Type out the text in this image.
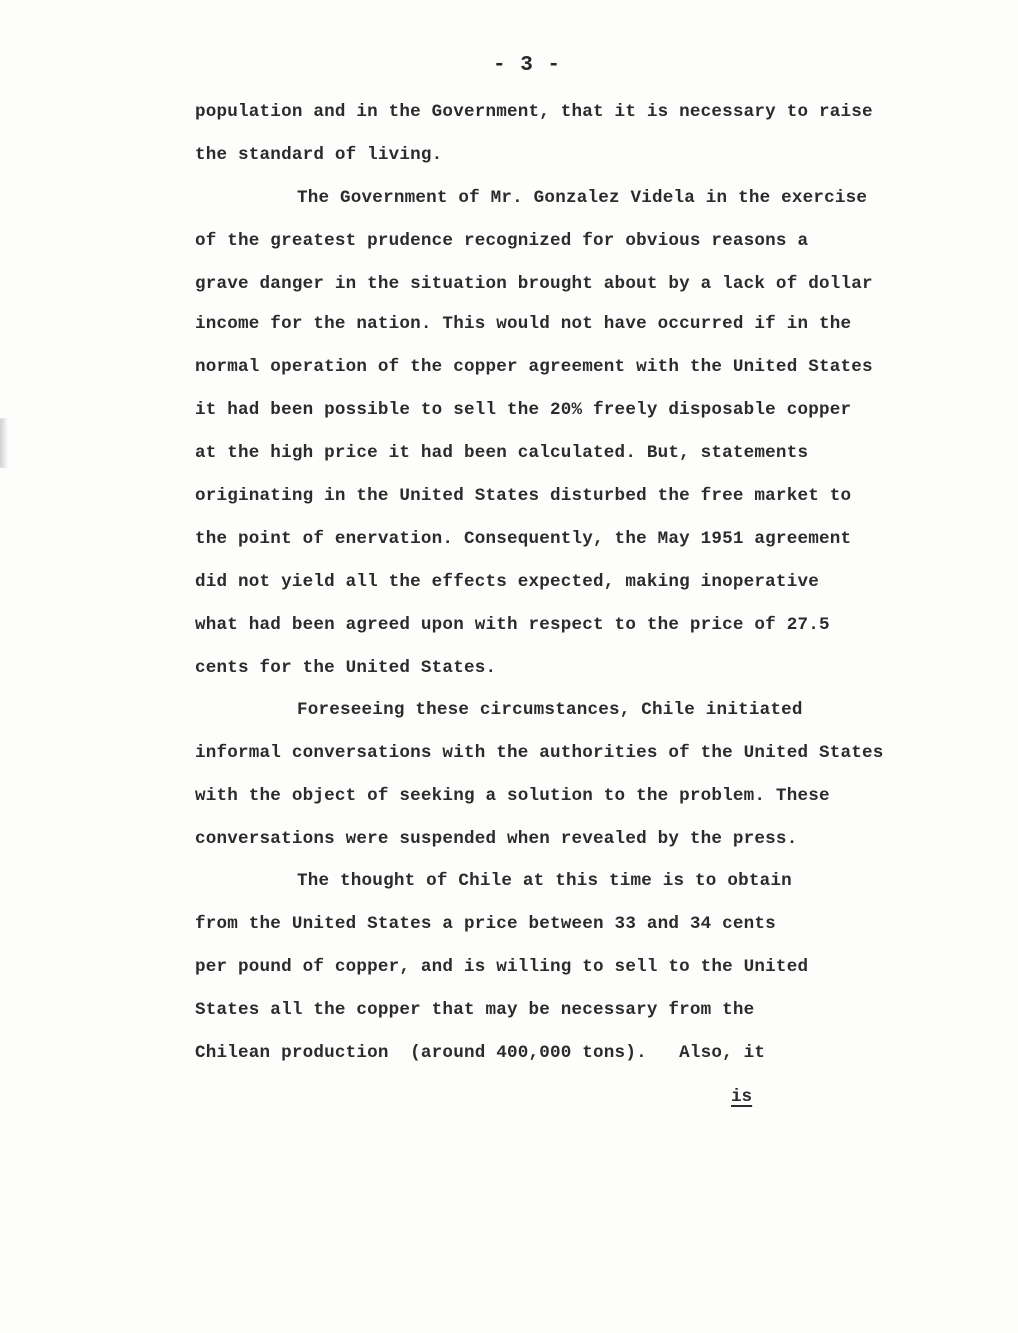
- 3 -
population and in the Government, that it is necessary to raise
the standard of living.
The Government of Mr. Gonzalez Videla in the exercise
of the greatest prudence recognized for obvious reasons a
grave danger in the situation brought about by a lack of dollar
income for the nation. This would not have occurred if in the
normal operation of the copper agreement with the United States
it had been possible to sell the 20% freely disposable copper
at the high price it had been calculated. But, statements
originating in the United States disturbed the free market to
the point of enervation. Consequently, the May 1951 agreement
did not yield all the effects expected, making inoperative
what had been agreed upon with respect to the price of 27.5
cents for the United States.
Foreseeing these circumstances, Chile initiated
informal conversations with the authorities of the United States
with the object of seeking a solution to the problem. These
conversations were suspended when revealed by the press.
The thought of Chile at this time is to obtain
from the United States a price between 33 and 34 cents
per pound of copper, and is willing to sell to the United
States all the copper that may be necessary from the
Chilean production  (around 400,000 tons).   Also, it
is
